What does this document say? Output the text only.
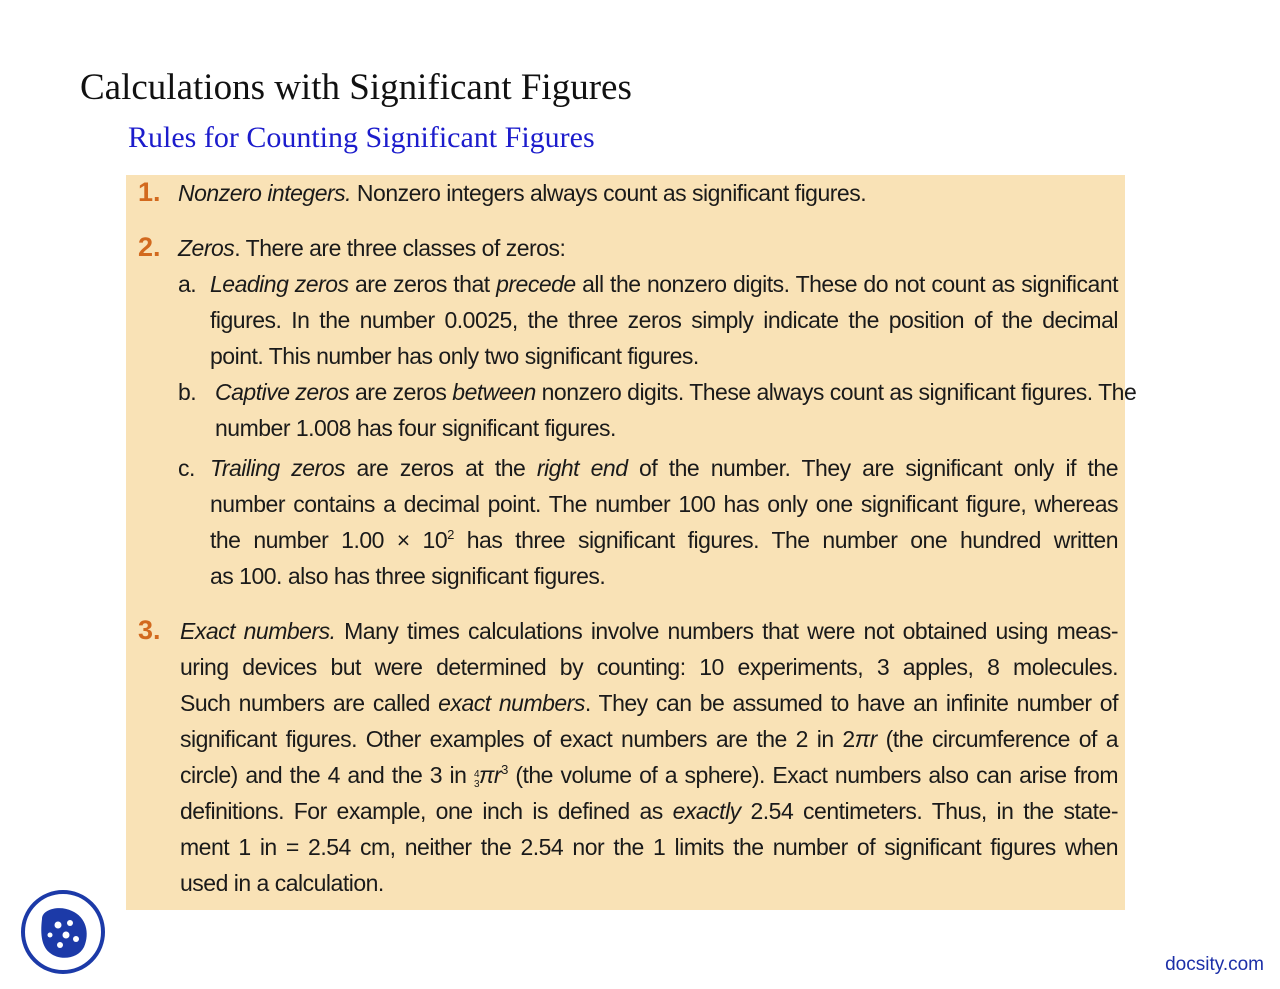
Calculations with Significant Figures
Rules for Counting Significant Figures
1. Nonzero integers. Nonzero integers always count as significant figures.
2. Zeros. There are three classes of zeros:
a. Leading zeros are zeros that precede all the nonzero digits. These do not count as significant
figures. In the number 0.0025, the three zeros simply indicate the position of the decimal
point. This number has only two significant figures.
b. Captive zeros are zeros between nonzero digits. These always count as significant figures. The
number 1.008 has four significant figures.
c. Trailing zeros are zeros at the right end of the number. They are significant only if the
number contains a decimal point. The number 100 has only one significant figure, whereas
the number $1.00 \times 10^2$ has three significant figures. The number one hundred written
as 100. also has three significant figures.
3. Exact numbers. Many times calculations involve numbers that were not obtained using meas-
uring devices but were determined by counting: 10 experiments, 3 apples, 8 molecules.
Such numbers are called exact numbers. They can be assumed to have an infinite number of
significant figures. Other examples of exact numbers are the 2 in 2πr (the circumference of a
circle) and the 4 and the 3 in 4
3 $\pi r^3$ (the volume of a sphere). Exact numbers also can arise from
definitions. For example, one inch is defined as exactly 2.54 centimeters. Thus, in the state-
ment 1 in = 2.54 cm, neither the 2.54 nor the 1 limits the number of significant figures when
used in a calculation.
docsity.com
